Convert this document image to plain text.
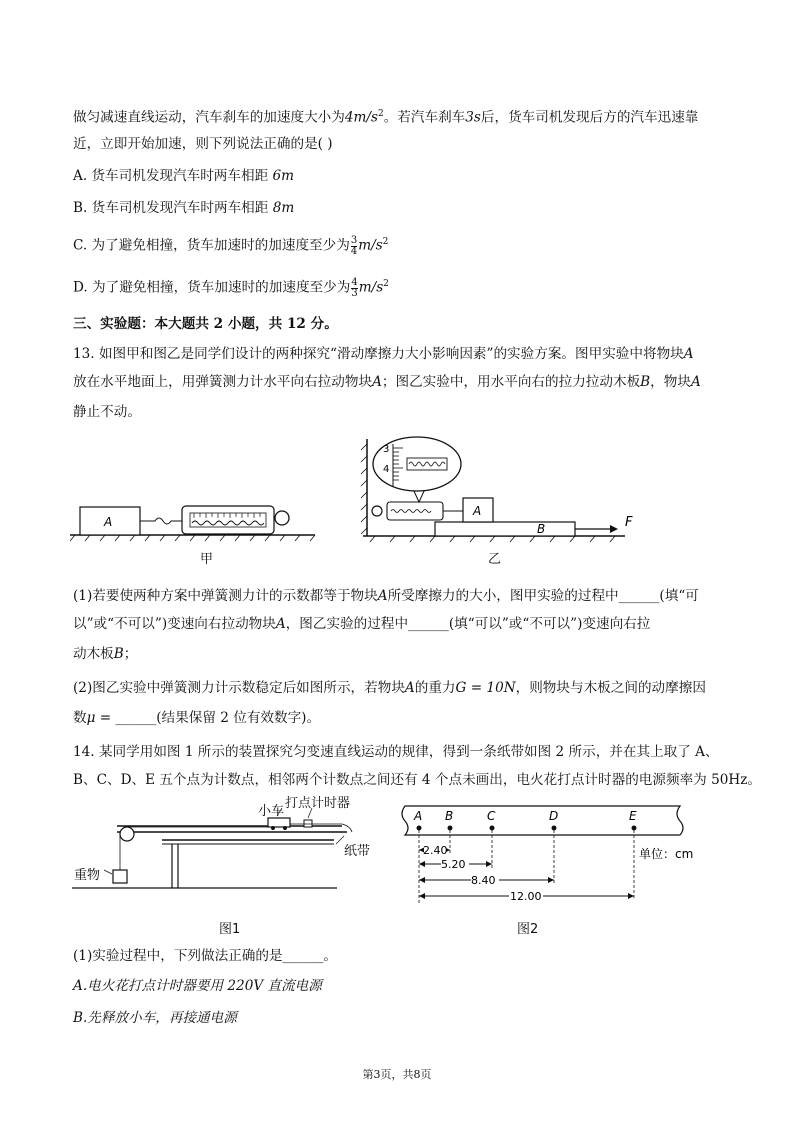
做匀减速直线运动，汽车刹车的加速度大小为$4m/s^2$。若汽车刹车3s后，货车司机发现后方的汽车迅速靠
近，立即开始加速，则下列说法正确的是( )
A. 货车司机发现汽车时两车相距 6m
B. 货车司机发现汽车时两车相距 8m
C. 为了避免相撞，货车加速时的加速度至少为 $\frac{3}{4} m/s^2$
D. 为了避免相撞，货车加速时的加速度至少为 $\frac{4}{3} m/s^2$
三、实验题：本大题共 2 小题，共 12 分。
13. 如图甲和图乙是同学们设计的两种探究“滑动摩擦力大小影响因素”的实验方案。图甲实验中将物块A
放在水平地面上，用弹簧测力计水平向右拉动物块A；图乙实验中，用水平向右的拉力拉动木板B，物块A
静止不动。
A
甲
B	F
A
3
4
乙
(1)若要使两种方案中弹簧测力计的示数都等于物块A所受摩擦力的大小，图甲实验的过程中______(填“可
以”或“不可以”)变速向右拉动物块A，图乙实验的过程中______(填“可以”或“不可以”)变速向右拉
动木板B；
(2)图乙实验中弹簧测力计示数稳定后如图所示，若物块A的重力G = 10N，则物块与木板之间的动摩擦因
数μ = ______(结果保留 2 位有效数字)。
14. 某同学用如图 1 所示的装置探究匀变速直线运动的规律，得到一条纸带如图 2 所示，并在其上取了 A、
B、C、D、E 五个点为计数点，相邻两个计数点之间还有 4 个点未画出，电火花打点计时器的电源频率为 50Hz。
小车
打点计时器
纸带
重物
图1
A B	C	D	E
2.40
5.20
8.40
12.00
单位：cm
图2
(1)实验过程中，下列做法正确的是______。
A.电火花打点计时器要用 220V 直流电源
B.先释放小车，再接通电源
第3页，共8页
